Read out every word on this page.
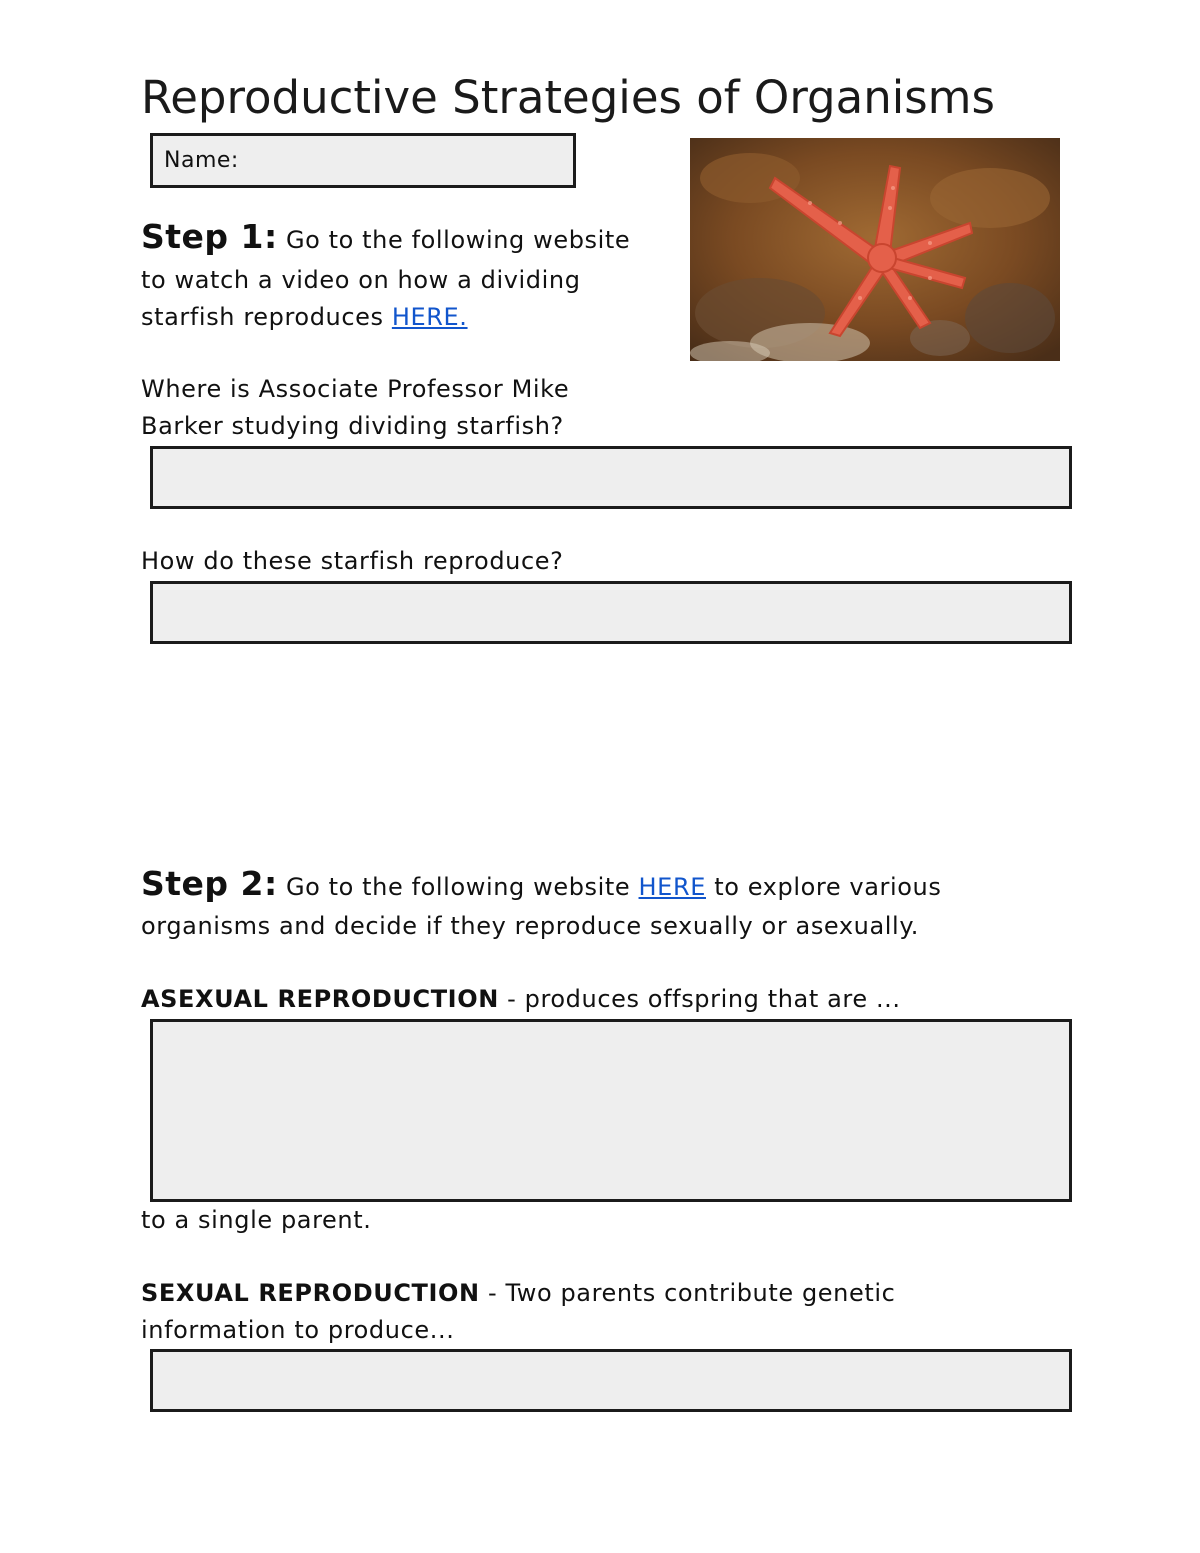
Reproductive Strategies of Organisms
Name:
Step 1: Go to the following website
to watch a video on how a dividing
starfish reproduces HERE.
Where is Associate Professor Mike
Barker studying dividing starfish?
How do these starfish reproduce?
Step 2: Go to the following website HERE to explore various
organisms and decide if they reproduce sexually or asexually.
ASEXUAL REPRODUCTION - produces offspring that are ...
to a single parent.
SEXUAL REPRODUCTION - Two parents contribute genetic
information to produce...
